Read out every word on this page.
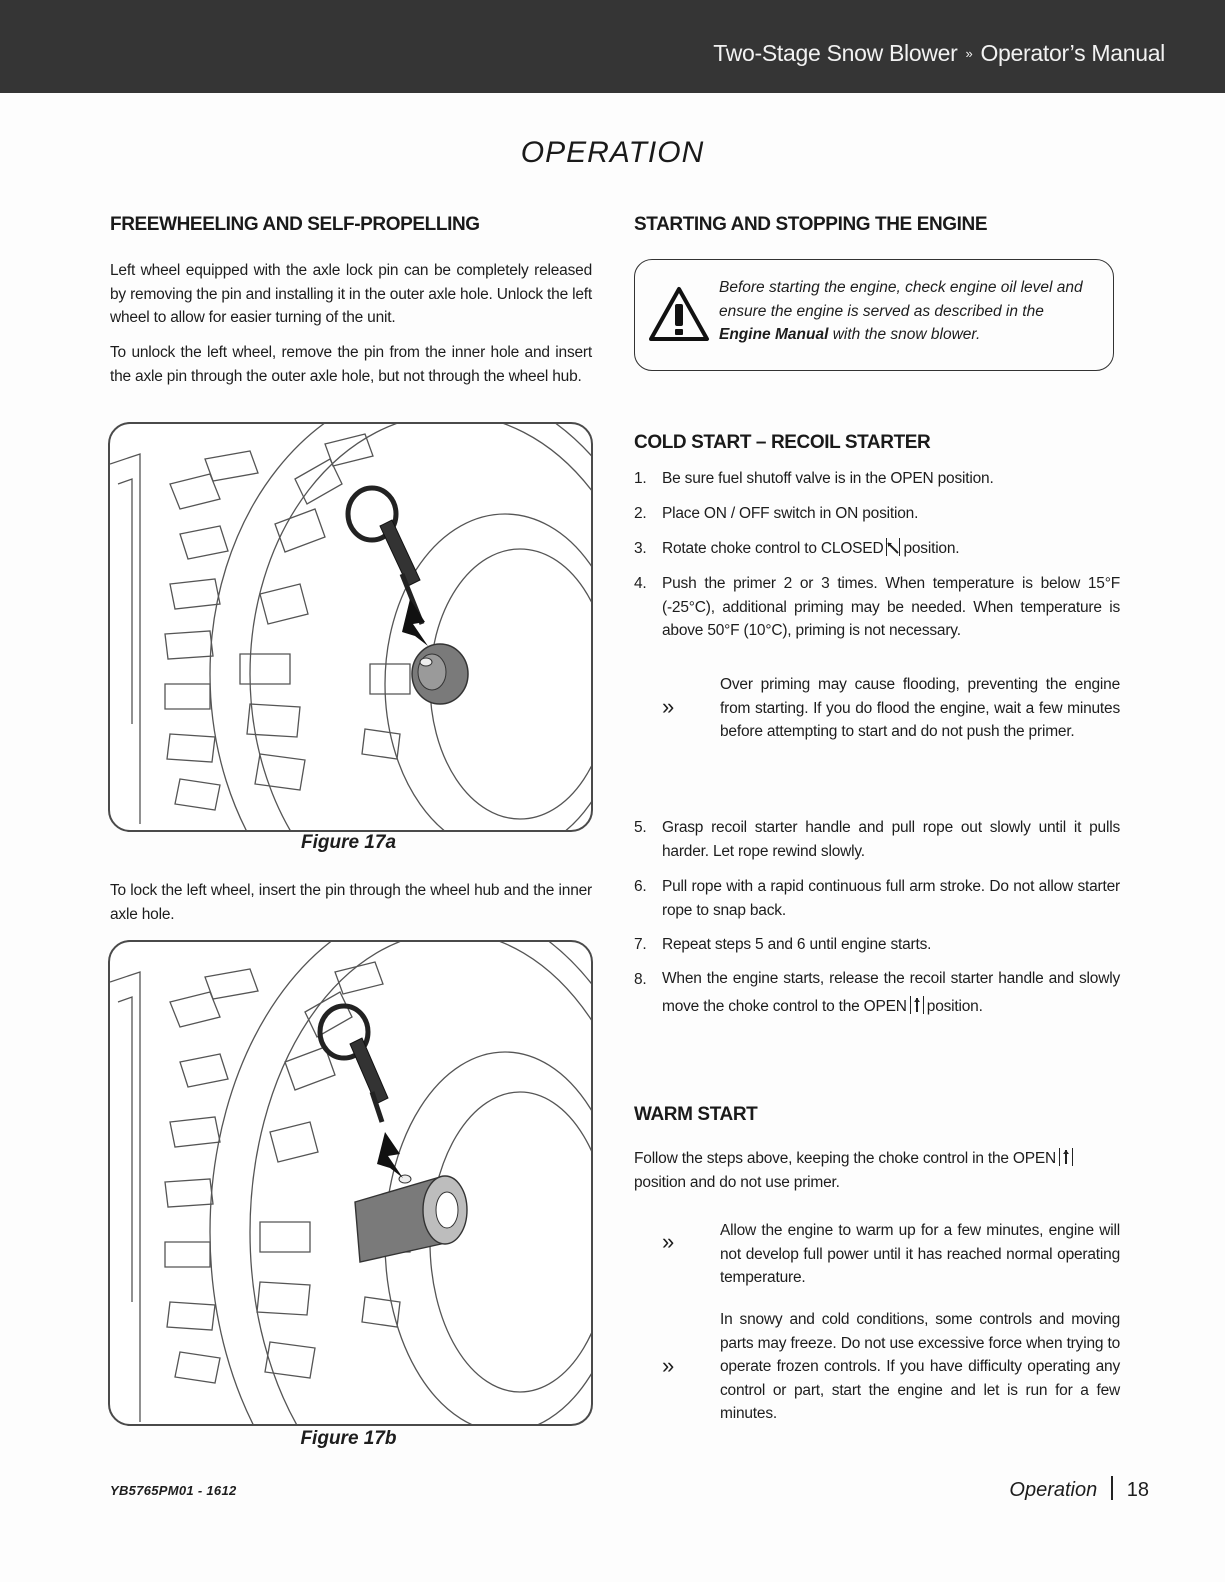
Two-Stage Snow Blower » Operator’s Manual
OPERATION
FREEWHEELING AND SELF-PROPELLING
Left wheel equipped with the axle lock pin can be completely released by removing the pin and installing it in the outer axle hole. Unlock the left wheel to allow for easier turning of the unit.
To unlock the left wheel, remove the pin from the inner hole and insert the axle pin through the outer axle hole, but not through the wheel hub.
Figure 17a
To lock the left wheel, insert the pin through the wheel hub and the inner axle hole.
Figure 17b
STARTING AND STOPPING THE ENGINE
Before starting the engine, check engine oil level and ensure the engine is served as described in the Engine Manual with the snow blower.
COLD START – RECOIL STARTER
1. Be sure fuel shutoff valve is in the OPEN position.
2. Place ON / OFF switch in ON position.
3. Rotate choke control to CLOSED position.
4. Push the primer 2 or 3 times. When temperature is below 15°F (-25°C), additional priming may be needed. When temperature is above 50°F (10°C), priming is not necessary.
»
Over priming may cause flooding, preventing the engine from starting. If you do flood the engine, wait a few minutes before attempting to start and do not push the primer.
5. Grasp recoil starter handle and pull rope out slowly until it pulls harder. Let rope rewind slowly.
6. Pull rope with a rapid continuous full arm stroke. Do not allow starter rope to snap back.
7. Repeat steps 5 and 6 until engine starts.
8. When the engine starts, release the recoil starter handle and slowly move the choke control to the OPEN position.
WARM START
Follow the steps above, keeping the choke control in the OPEN

position and do not use primer.
»	Allow the engine to warm up for a few minutes, engine will not develop full power until it has reached normal operating temperature.
»
In snowy and cold conditions, some controls and moving parts may freeze. Do not use excessive force when trying to operate frozen controls. If you have difficulty operating any control or part, start the engine and let is run for a few minutes.
YB5765PM01 - 1612	Operation 18
